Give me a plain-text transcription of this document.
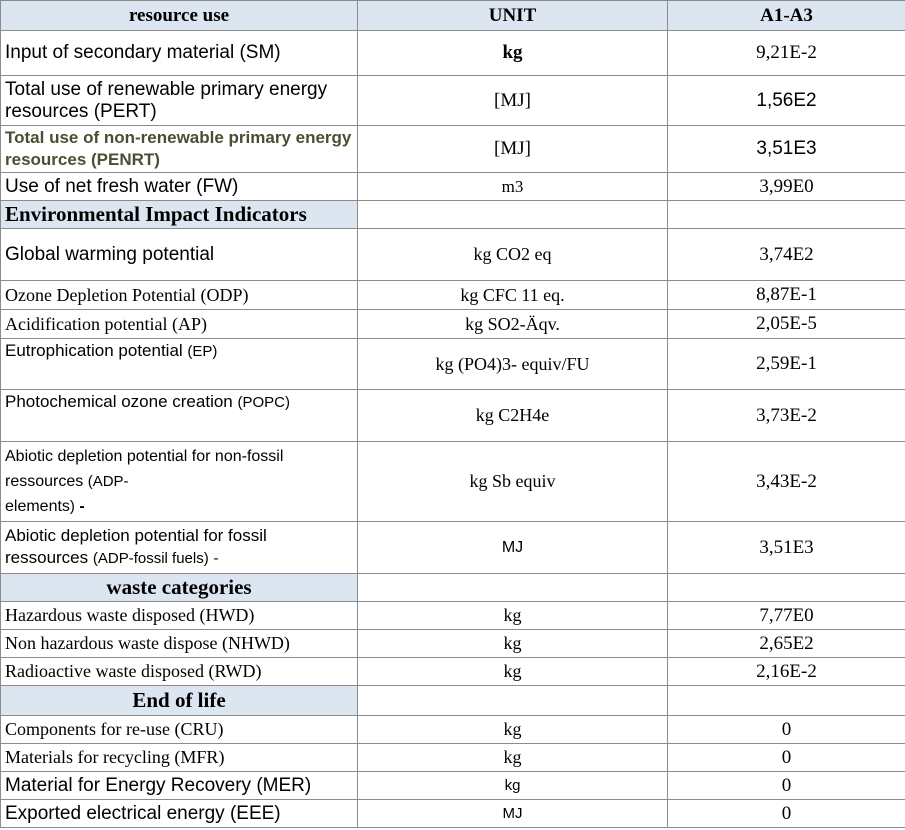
resource use	UNIT	A1-A3
Input of secondary material (SM)	kg	9,21E-2
Total use of renewable primary energy resources (PERT)	[MJ]	1,56E2
Total use of non-renewable primary energy resources (PENRT)	[MJ]	3,51E3
Use of net fresh water (FW)	m3	3,99E0
Environmental Impact Indicators		
Global warming potential	kg CO2 eq	3,74E2
Ozone Depletion Potential (ODP)	kg CFC 11 eq.	8,87E-1
Acidification potential (AP)	kg SO2-Äqv.	2,05E-5
Eutrophication potential (EP)	kg (PO4)3- equiv/FU	2,59E-1
Photochemical ozone creation (POPC)	kg C2H4e	3,73E-2
Abiotic depletion potential for non-fossil
ressources (ADP-
elements) -	kg Sb equiv	3,43E-2
Abiotic depletion potential for fossil
ressources (ADP-fossil fuels) -	MJ	3,51E3
waste categories		
Hazardous waste disposed (HWD)	kg	7,77E0
Non hazardous waste dispose (NHWD)	kg	2,65E2
Radioactive waste disposed (RWD)	kg	2,16E-2
End of life		
Components for re-use (CRU)	kg	0
Materials for recycling (MFR)	kg	0
Material for Energy Recovery (MER)	kg	0
Exported electrical energy (EEE)	MJ	0
